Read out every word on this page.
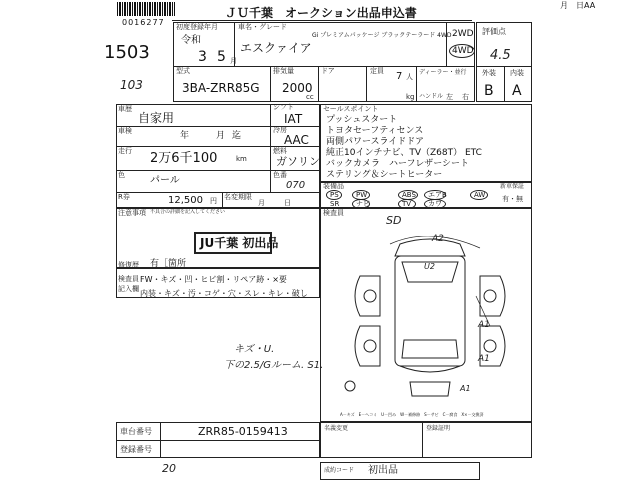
0016277
ＪＵ千葉　オークション出品申込書
月　日AA
1503
103
初度登録年月
令和
3 5 月
車名・グレード
エスクァイア
Gi プレミアムパッケージ ブラックテーラード 4WD 2WD
4WD
型式
3BA-ZRR85G
排気量
2000
cc
ドア	定員 7 人
kg
ディーラー・並行
ハンドル 左 右
評価点
4.5
外装 内装
B A
車歴
自家用
車検	年	月 迄
走行 2万6千100	km
色	パール
R券	12,500 円 名変期限
月	日
シフト
IAT
冷房
AAC
燃料
ガソリン
色番
070
注意事項 不具合の詳細を記入してください
JU千葉 初出品
修復歴 有［箇所
検査員
記入欄
FW・キズ・凹・ヒビ割・リペア跡・×要
内装・キズ・汚・コゲ・穴・スレ・キレ・破し
セールスポイント
プッシュスタート
トヨタセーフティセンス
両側パワースライドドア
純正10インチナビ、TV（Z68T） ETC
バックカメラ　ハーフレザーシート
ステリング＆シートヒーター
装備品
PS PW	ABS エアB	AW
SR ナビ	TV カワ
新車保証
有・無
検査員
SD
A2
U2
A1
A1
A1
キズ・U.
下の2.5/Gルーム. S1.
A－キズ　E－ヘコミ　U－凹み　W－補修跡　S－サビ　C－腐食　X×－交換済
車台番号	ZRR85-0159413
登録番号
名義変更	登録証明
成約コード 初出品
20
